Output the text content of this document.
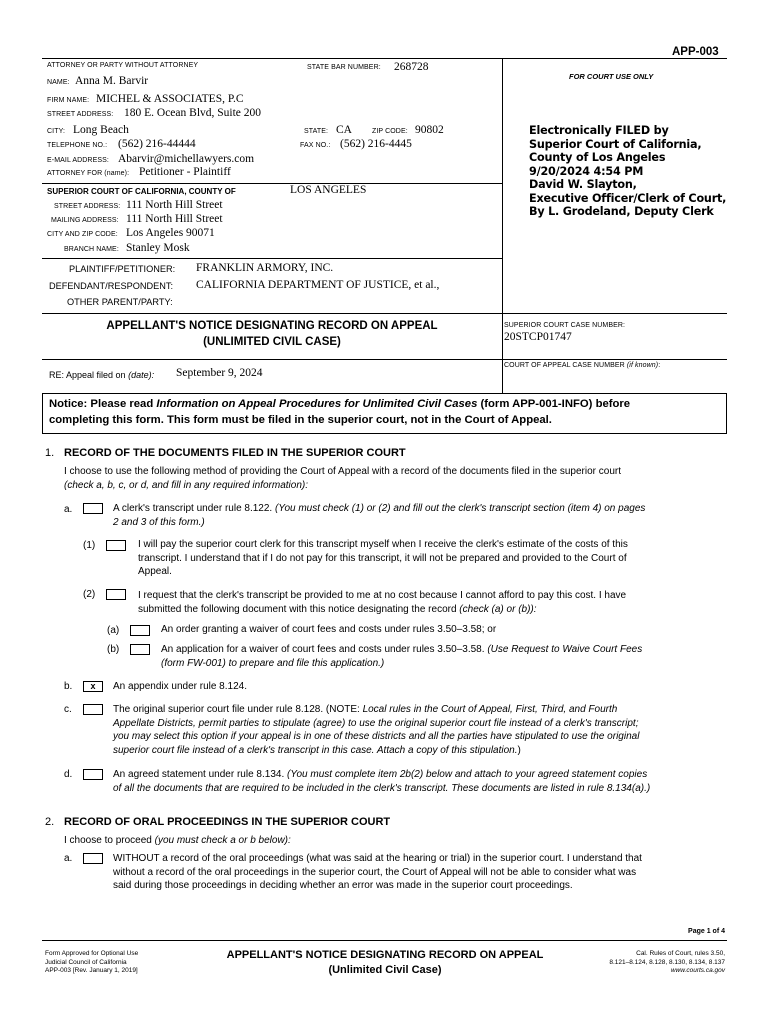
APP-003
ATTORNEY OR PARTY WITHOUT ATTORNEY	STATE BAR NUMBER: 268728
FOR COURT USE ONLY
NAME: Anna M. Barvir
FIRM NAME: MICHEL & ASSOCIATES, P.C
STREET ADDRESS: 180 E. Ocean Blvd, Suite 200
CITY: Long Beach	STATE: CA	ZIP CODE: 90802
TELEPHONE NO.: (562) 216-44444	FAX NO.: (562) 216-4445
E-MAIL ADDRESS: Abarvir@michellawyers.com
ATTORNEY FOR (name): Petitioner - Plaintiff
Electronically FILED by
Superior Court of California,
County of Los Angeles
9/20/2024 4:54 PM
David W. Slayton,
Executive Officer/Clerk of Court,
By L. Grodeland, Deputy Clerk
SUPERIOR COURT OF CALIFORNIA, COUNTY OF	LOS ANGELES
STREET ADDRESS: 111 North Hill Street
MAILING ADDRESS: 111 North Hill Street
CITY AND ZIP CODE: Los Angeles 90071
BRANCH NAME: Stanley Mosk
PLAINTIFF/PETITIONER: FRANKLIN ARMORY, INC.
DEFENDANT/RESPONDENT: CALIFORNIA DEPARTMENT OF JUSTICE, et al.,
OTHER PARENT/PARTY:
APPELLANT'S NOTICE DESIGNATING RECORD ON APPEAL
(UNLIMITED CIVIL CASE)
SUPERIOR COURT CASE NUMBER:
20STCP01747
COURT OF APPEAL CASE NUMBER (if known):
RE: Appeal filed on (date): September 9, 2024
Notice: Please read Information on Appeal Procedures for Unlimited Civil Cases (form APP-001-INFO) before
completing this form. This form must be filed in the superior court, not in the Court of Appeal.
1. RECORD OF THE DOCUMENTS FILED IN THE SUPERIOR COURT
I choose to use the following method of providing the Court of Appeal with a record of the documents filed in the superior court
(check a, b, c, or d, and fill in any required information):
a.	A clerk's transcript under rule 8.122. (You must check (1) or (2) and fill out the clerk's transcript section (item 4) on pages
2 and 3 of this form.)
(1)	I will pay the superior court clerk for this transcript myself when I receive the clerk's estimate of the costs of this
transcript. I understand that if I do not pay for this transcript, it will not be prepared and provided to the Court of
Appeal.
(2)	I request that the clerk's transcript be provided to me at no cost because I cannot afford to pay this cost. I have
submitted the following document with this notice designating the record (check (a) or (b)):
(a)	An order granting a waiver of court fees and costs under rules 3.50–3.58; or
(b)	An application for a waiver of court fees and costs under rules 3.50–3.58. (Use Request to Waive Court Fees
(form FW-001) to prepare and file this application.)
b.	x	An appendix under rule 8.124.
c.	The original superior court file under rule 8.128. (NOTE: Local rules in the Court of Appeal, First, Third, and Fourth
Appellate Districts, permit parties to stipulate (agree) to use the original superior court file instead of a clerk's transcript;
you may select this option if your appeal is in one of these districts and all the parties have stipulated to use the original
superior court file instead of a clerk's transcript in this case. Attach a copy of this stipulation.)
d.	An agreed statement under rule 8.134. (You must complete item 2b(2) below and attach to your agreed statement copies
of all the documents that are required to be included in the clerk's transcript. These documents are listed in rule 8.134(a).)
2. RECORD OF ORAL PROCEEDINGS IN THE SUPERIOR COURT
I choose to proceed (you must check a or b below):
a.	WITHOUT a record of the oral proceedings (what was said at the hearing or trial) in the superior court. I understand that
without a record of the oral proceedings in the superior court, the Court of Appeal will not be able to consider what was
said during those proceedings in deciding whether an error was made in the superior court proceedings.
Page 1 of 4
Form Approved for Optional Use
Judicial Council of California
APP-003 [Rev. January 1, 2019]
APPELLANT'S NOTICE DESIGNATING RECORD ON APPEAL
(Unlimited Civil Case)
Cal. Rules of Court, rules 3.50,
8.121–8.124, 8.128, 8.130, 8.134, 8.137
www.courts.ca.gov
